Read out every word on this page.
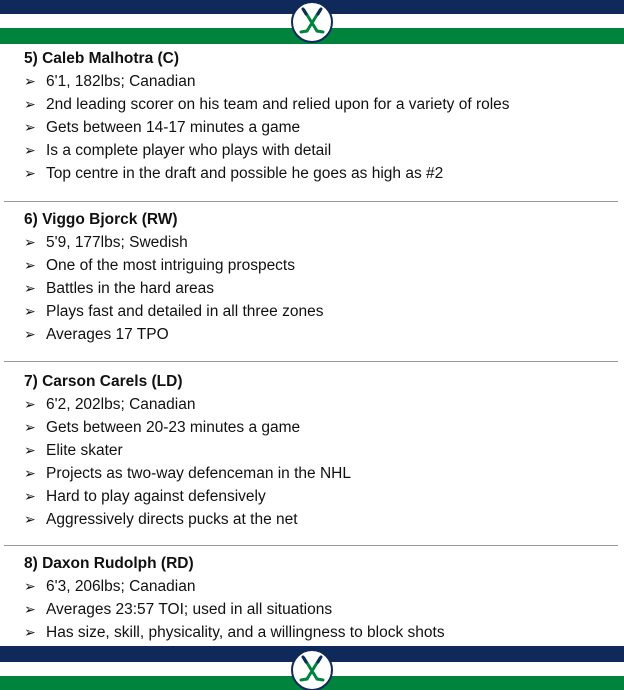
5) Caleb Malhotra (C)
➢ 6'1, 182lbs; Canadian
➢ 2nd leading scorer on his team and relied upon for a variety of roles
➢ Gets between 14-17 minutes a game
➢ Is a complete player who plays with detail
➢ Top centre in the draft and possible he goes as high as #2
6) Viggo Bjorck (RW)
➢ 5'9, 177lbs; Swedish
➢ One of the most intriguing prospects
➢ Battles in the hard areas
➢ Plays fast and detailed in all three zones
➢ Averages 17 TPO
7) Carson Carels (LD)
➢ 6'2, 202lbs; Canadian
➢ Gets between 20-23 minutes a game
➢ Elite skater
➢ Projects as two-way defenceman in the NHL
➢ Hard to play against defensively
➢ Aggressively directs pucks at the net
8) Daxon Rudolph (RD)
➢ 6'3, 206lbs; Canadian
➢ Averages 23:57 TOI; used in all situations
➢ Has size, skill, physicality, and a willingness to block shots
